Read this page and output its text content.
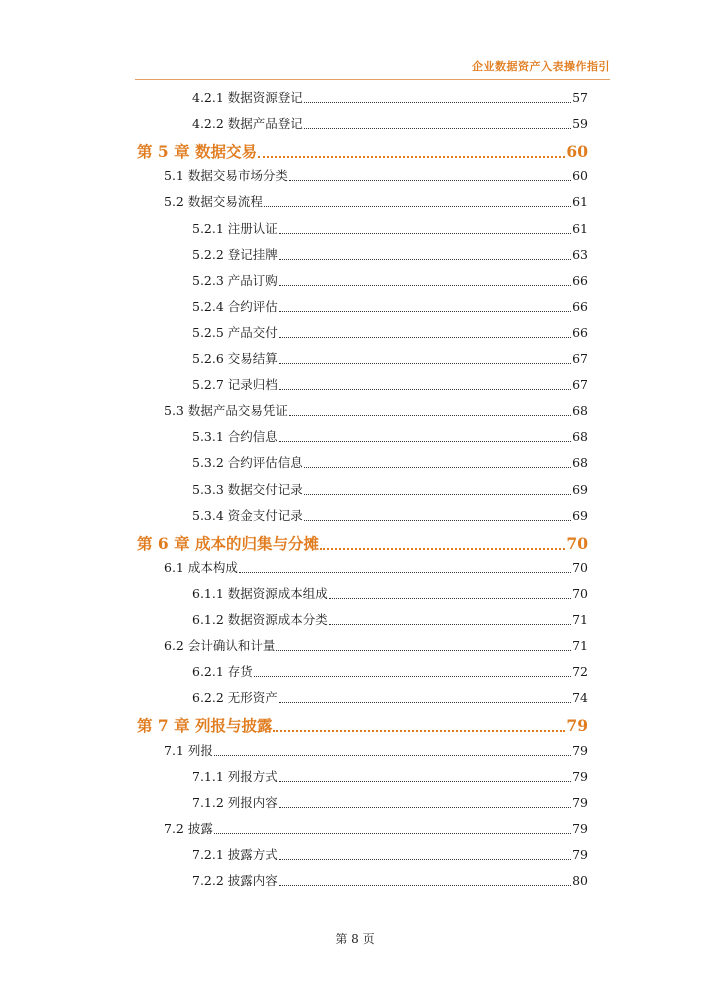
企业数据资产入表操作指引
4.2.1 数据资源登记	57
4.2.2 数据产品登记	59
第 5 章 数据交易	60
5.1 数据交易市场分类	60
5.2 数据交易流程	61
5.2.1 注册认证	61
5.2.2 登记挂牌	63
5.2.3 产品订购	66
5.2.4 合约评估	66
5.2.5 产品交付	66
5.2.6 交易结算	67
5.2.7 记录归档	67
5.3 数据产品交易凭证	68
5.3.1 合约信息	68
5.3.2 合约评估信息	68
5.3.3 数据交付记录	69
5.3.4 资金支付记录	69
第 6 章 成本的归集与分摊	70
6.1 成本构成	70
6.1.1 数据资源成本组成	70
6.1.2 数据资源成本分类	71
6.2 会计确认和计量	71
6.2.1 存货	72
6.2.2 无形资产	74
第 7 章 列报与披露	79
7.1 列报	79
7.1.1 列报方式	79
7.1.2 列报内容	79
7.2 披露	79
7.2.1 披露方式	79
7.2.2 披露内容	80
第 8 页
